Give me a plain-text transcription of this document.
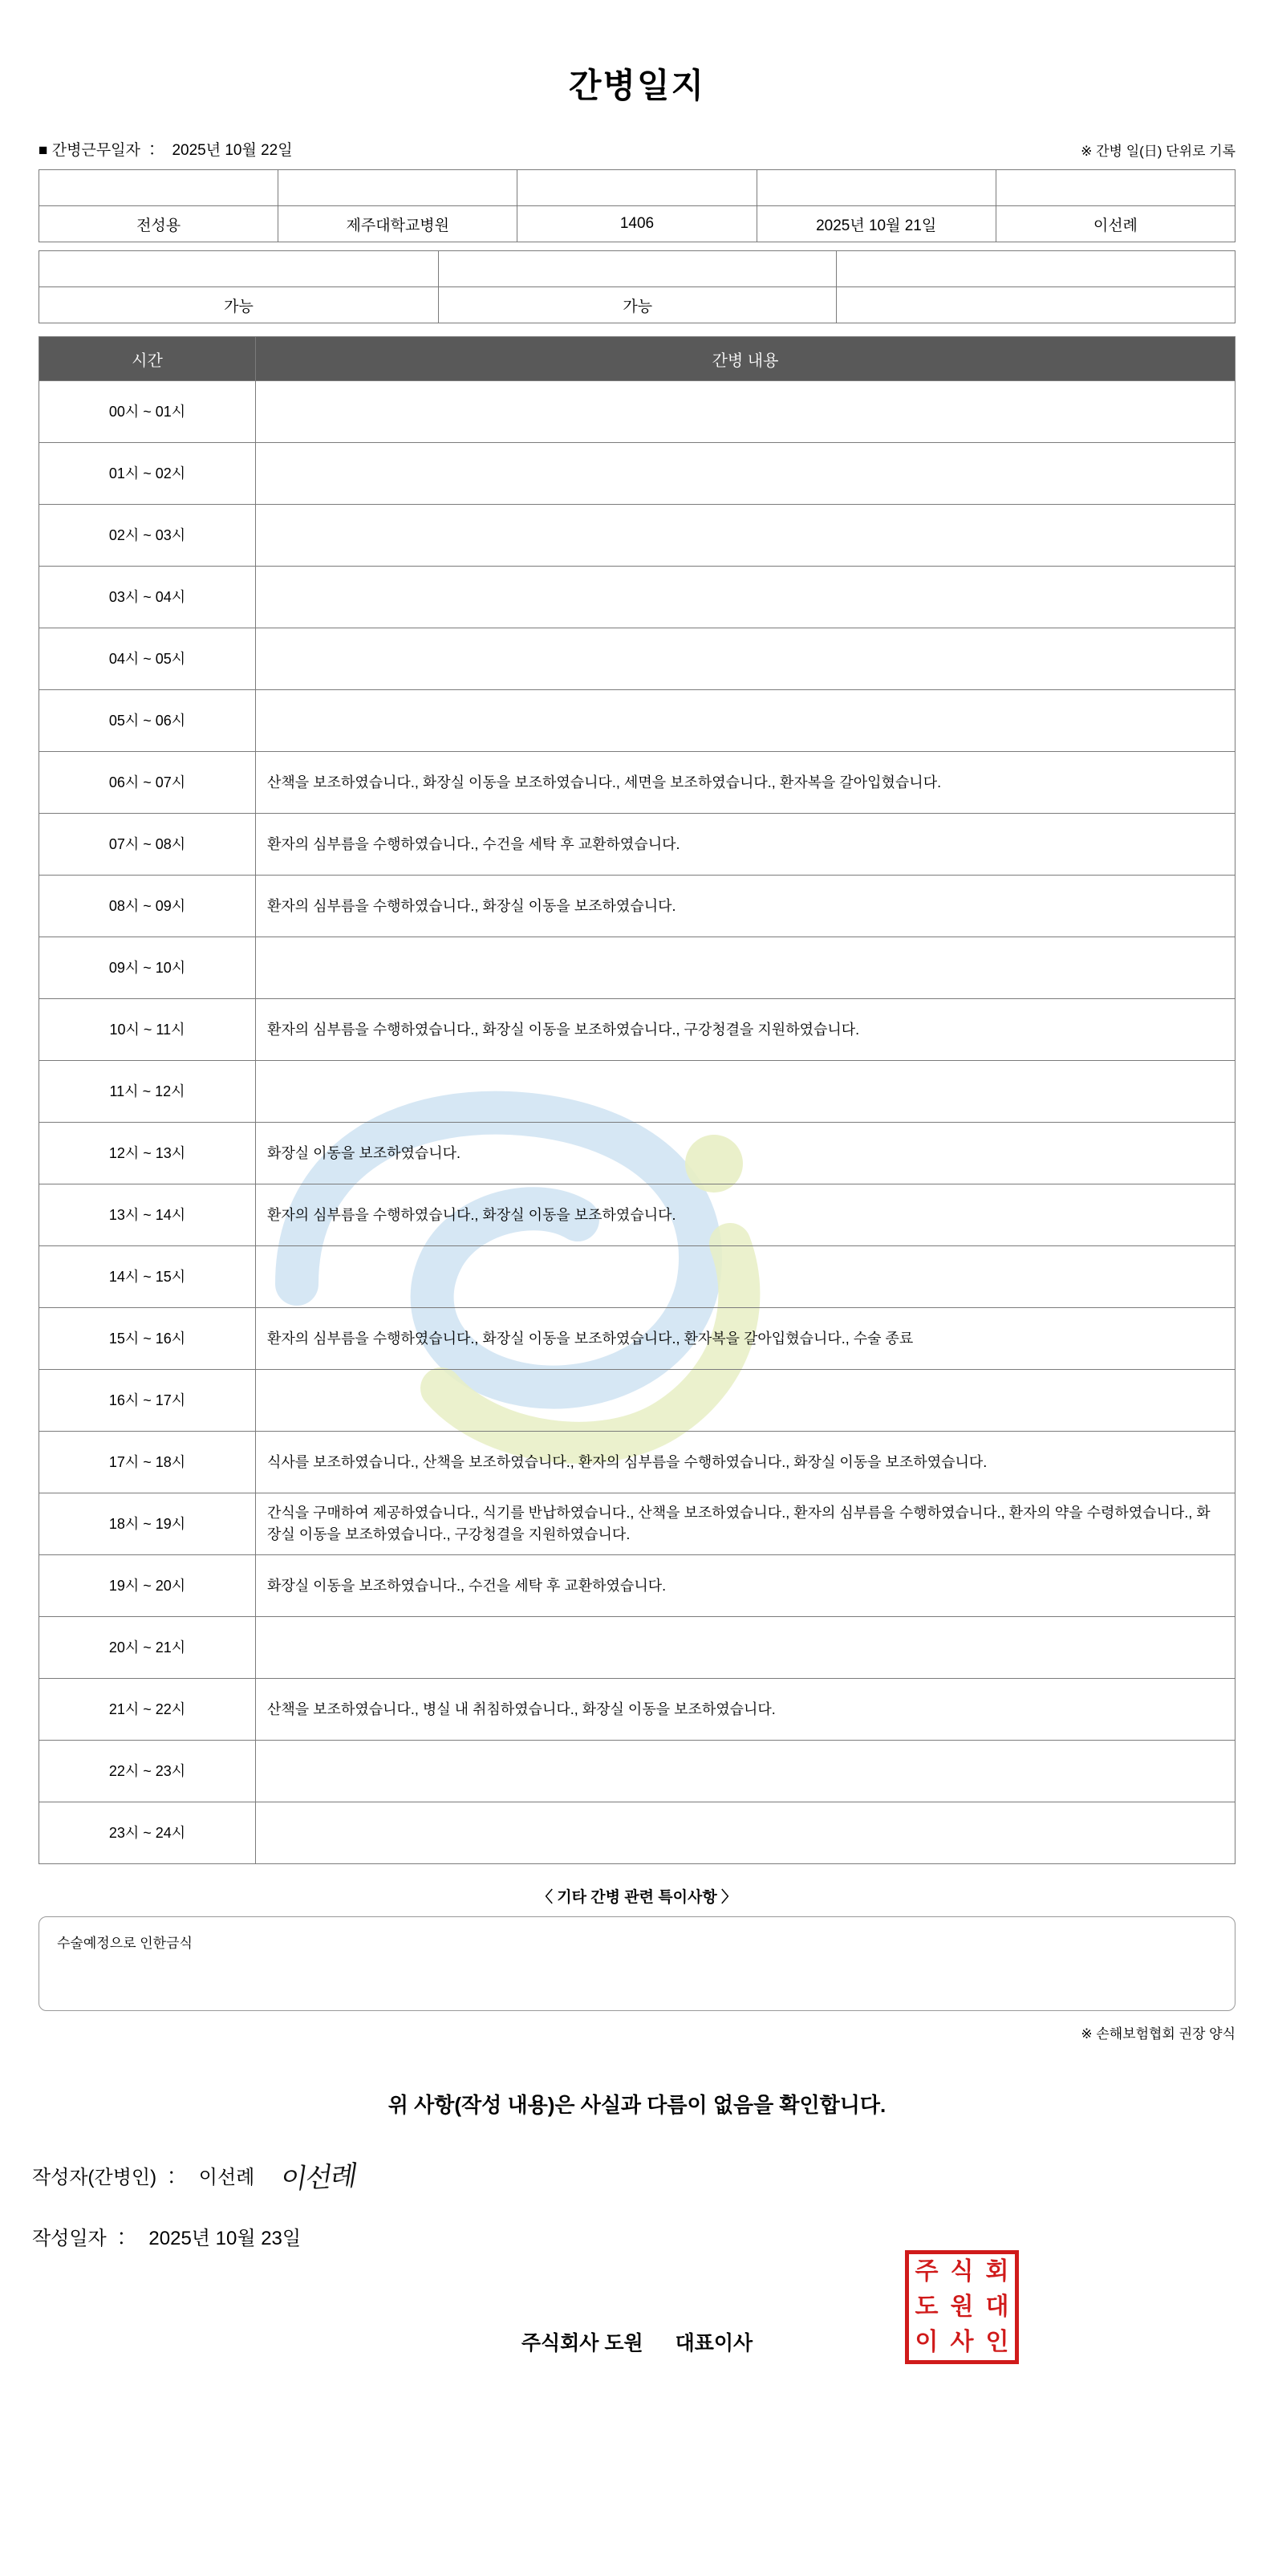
간병일지
■ 간병근무일자 ： 2025년 10월 22일	※ 간병 일(日) 단위로 기록
환자성명	의료기관	병실호수	입원날짜	간병인명
전성용	제주대학교병원	1406	2025년 10월 21일	이선례
자가 보행	음식 경구 섭취	체내 관 삽입
가능	가능	
시간	간병 내용
00시 ~ 01시	
01시 ~ 02시	
02시 ~ 03시	
03시 ~ 04시	
04시 ~ 05시	
05시 ~ 06시	
06시 ~ 07시	산책을 보조하였습니다., 화장실 이동을 보조하였습니다., 세면을 보조하였습니다., 환자복을 갈아입혔습니다.
07시 ~ 08시	환자의 심부름을 수행하였습니다., 수건을 세탁 후 교환하였습니다.
08시 ~ 09시	환자의 심부름을 수행하였습니다., 화장실 이동을 보조하였습니다.
09시 ~ 10시	
10시 ~ 11시	환자의 심부름을 수행하였습니다., 화장실 이동을 보조하였습니다., 구강청결을 지원하였습니다.
11시 ~ 12시	
12시 ~ 13시	화장실 이동을 보조하였습니다.
13시 ~ 14시	환자의 심부름을 수행하였습니다., 화장실 이동을 보조하였습니다.
14시 ~ 15시	
15시 ~ 16시	환자의 심부름을 수행하였습니다., 화장실 이동을 보조하였습니다., 환자복을 갈아입혔습니다., 수술 종료
16시 ~ 17시	
17시 ~ 18시	식사를 보조하였습니다., 산책을 보조하였습니다., 환자의 심부름을 수행하였습니다., 화장실 이동을 보조하였습니다.
18시 ~ 19시	간식을 구매하여 제공하였습니다., 식기를 반납하였습니다., 산책을 보조하였습니다., 환자의 심부름을 수행하였습니다., 환자의 약을 수령하였습니다., 화장실 이동을 보조하였습니다., 구강청결을 지원하였습니다.
19시 ~ 20시	화장실 이동을 보조하였습니다., 수건을 세탁 후 교환하였습니다.
20시 ~ 21시	
21시 ~ 22시	산책을 보조하였습니다., 병실 내 취침하였습니다., 화장실 이동을 보조하였습니다.
22시 ~ 23시	
23시 ~ 24시	
〈 기타 간병 관련 특이사항 〉
수술예정으로 인한금식
※ 손해보험협회 권장 양식
위 사항(작성 내용)은 사실과 다름이 없음을 확인합니다.
작성자(간병인) ： 이선례 이선례
작성일자 ： 2025년 10월 23일
주식회사 도원 대표이사
주 식 회
도 원 대
이 사 인
